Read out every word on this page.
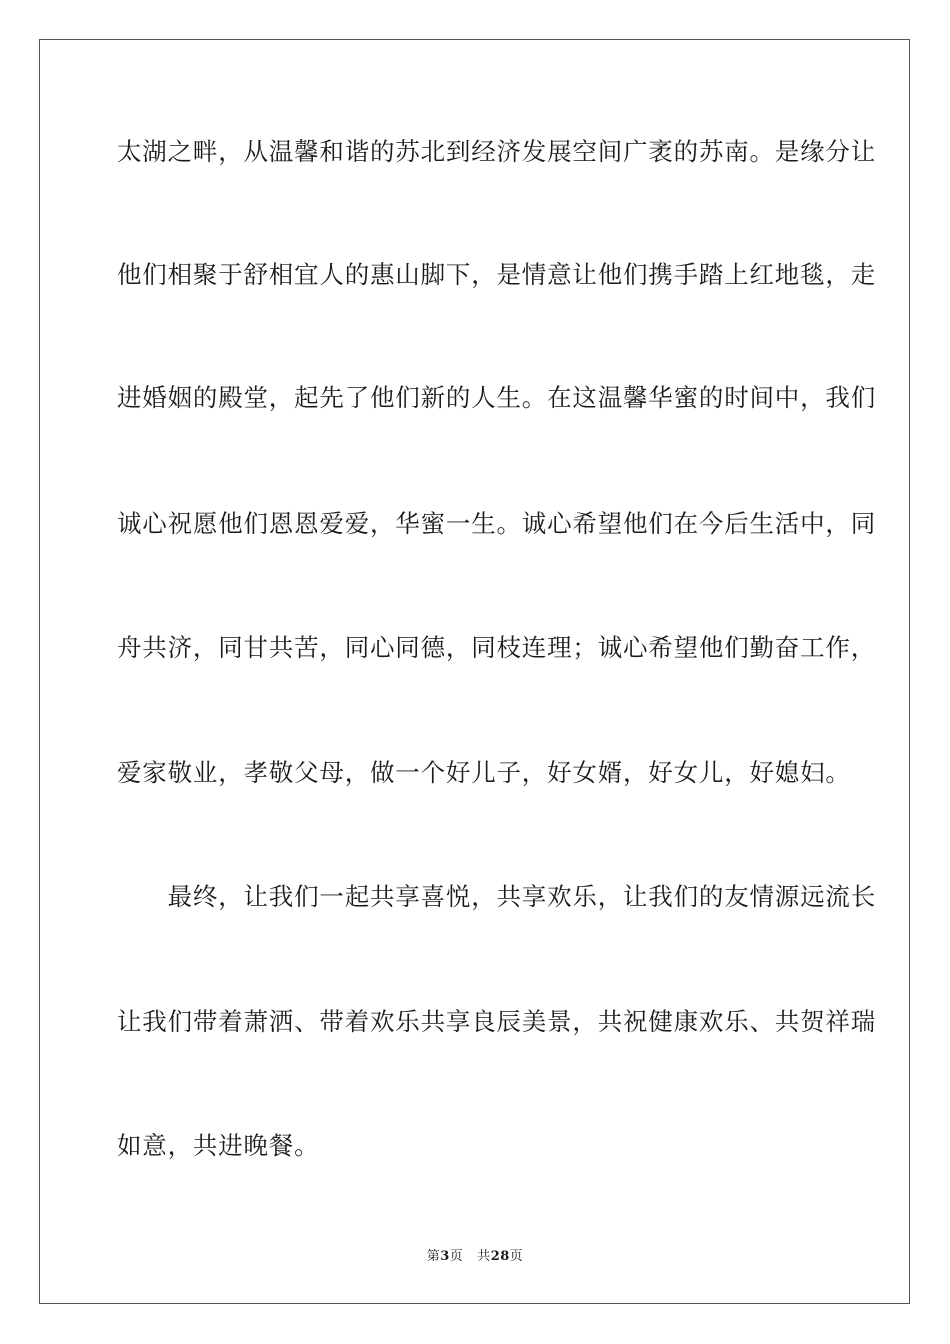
太湖之畔，从温馨和谐的苏北到经济发展空间广袤的苏南。是缘分让
他们相聚于舒相宜人的惠山脚下，是情意让他们携手踏上红地毯，走
进婚姻的殿堂，起先了他们新的人生。在这温馨华蜜的时间中，我们
诚心祝愿他们恩恩爱爱，华蜜一生。诚心希望他们在今后生活中，同
舟共济，同甘共苦，同心同德，同枝连理；诚心希望他们勤奋工作，
爱家敬业，孝敬父母，做一个好儿子，好女婿，好女儿，好媳妇。
　　最终，让我们一起共享喜悦，共享欢乐，让我们的友情源远流长
让我们带着萧洒、带着欢乐共享良辰美景，共祝健康欢乐、共贺祥瑞
如意，共进晚餐。
第3页 共28页
